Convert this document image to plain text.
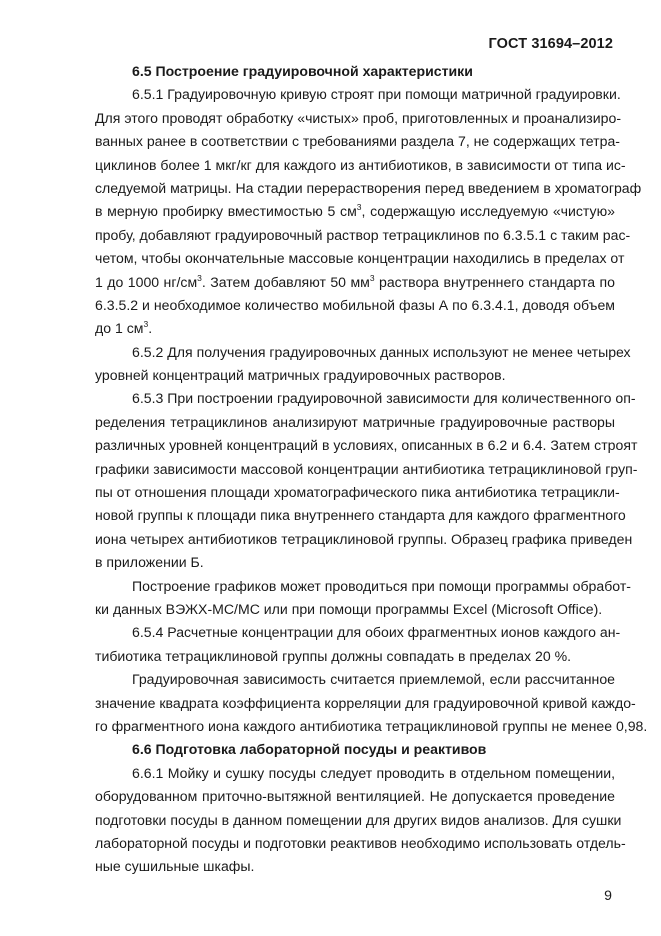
ГОСТ 31694–2012
6.5 Построение градуировочной характеристики
6.5.1 Градуировочную кривую строят при помощи матричной градуировки.
Для этого проводят обработку «чистых» проб, приготовленных и проанализиро-
ванных ранее в соответствии с требованиями раздела 7, не содержащих тетра-
циклинов более 1 мкг/кг для каждого из антибиотиков, в зависимости от типа ис-
следуемой матрицы. На стадии перерастворения перед введением в хроматограф
в мерную пробирку вместимостью 5 $см^3$, содержащую исследуемую «чистую»
пробу, добавляют градуировочный раствор тетрациклинов по 6.3.5.1 с таким рас-
четом, чтобы окончательные массовые концентрации находились в пределах от
1 до 1000 $нг/см^3$. Затем добавляют 50 $мм^3$ раствора внутреннего стандарта по
6.3.5.2 и необходимое количество мобильной фазы А по 6.3.4.1, доводя объем
до 1 $см^3$.
6.5.2 Для получения градуировочных данных используют не менее четырех
уровней концентраций матричных градуировочных растворов.
6.5.3 При построении градуировочной зависимости для количественного оп-
ределения тетрациклинов анализируют матричные градуировочные растворы
различных уровней концентраций в условиях, описанных в 6.2 и 6.4. Затем строят
графики зависимости массовой концентрации антибиотика тетрациклиновой груп-
пы от отношения площади хроматографического пика антибиотика тетрацикли-
новой группы к площади пика внутреннего стандарта для каждого фрагментного
иона четырех антибиотиков тетрациклиновой группы. Образец графика приведен
в приложении Б.
Построение графиков может проводиться при помощи программы обработ-
ки данных ВЭЖХ-МС/МС или при помощи программы Excel (Microsoft Office).
6.5.4 Расчетные концентрации для обоих фрагментных ионов каждого ан-
тибиотика тетрациклиновой группы должны совпадать в пределах 20 %.
Градуировочная зависимость считается приемлемой, если рассчитанное
значение квадрата коэффициента корреляции для градуировочной кривой каждо-
го фрагментного иона каждого антибиотика тетрациклиновой группы не менее 0,98.
6.6 Подготовка лабораторной посуды и реактивов
6.6.1 Мойку и сушку посуды следует проводить в отдельном помещении,
оборудованном приточно-вытяжной вентиляцией. Не допускается проведение
подготовки посуды в данном помещении для других видов анализов. Для сушки
лабораторной посуды и подготовки реактивов необходимо использовать отдель-
ные сушильные шкафы.
9
